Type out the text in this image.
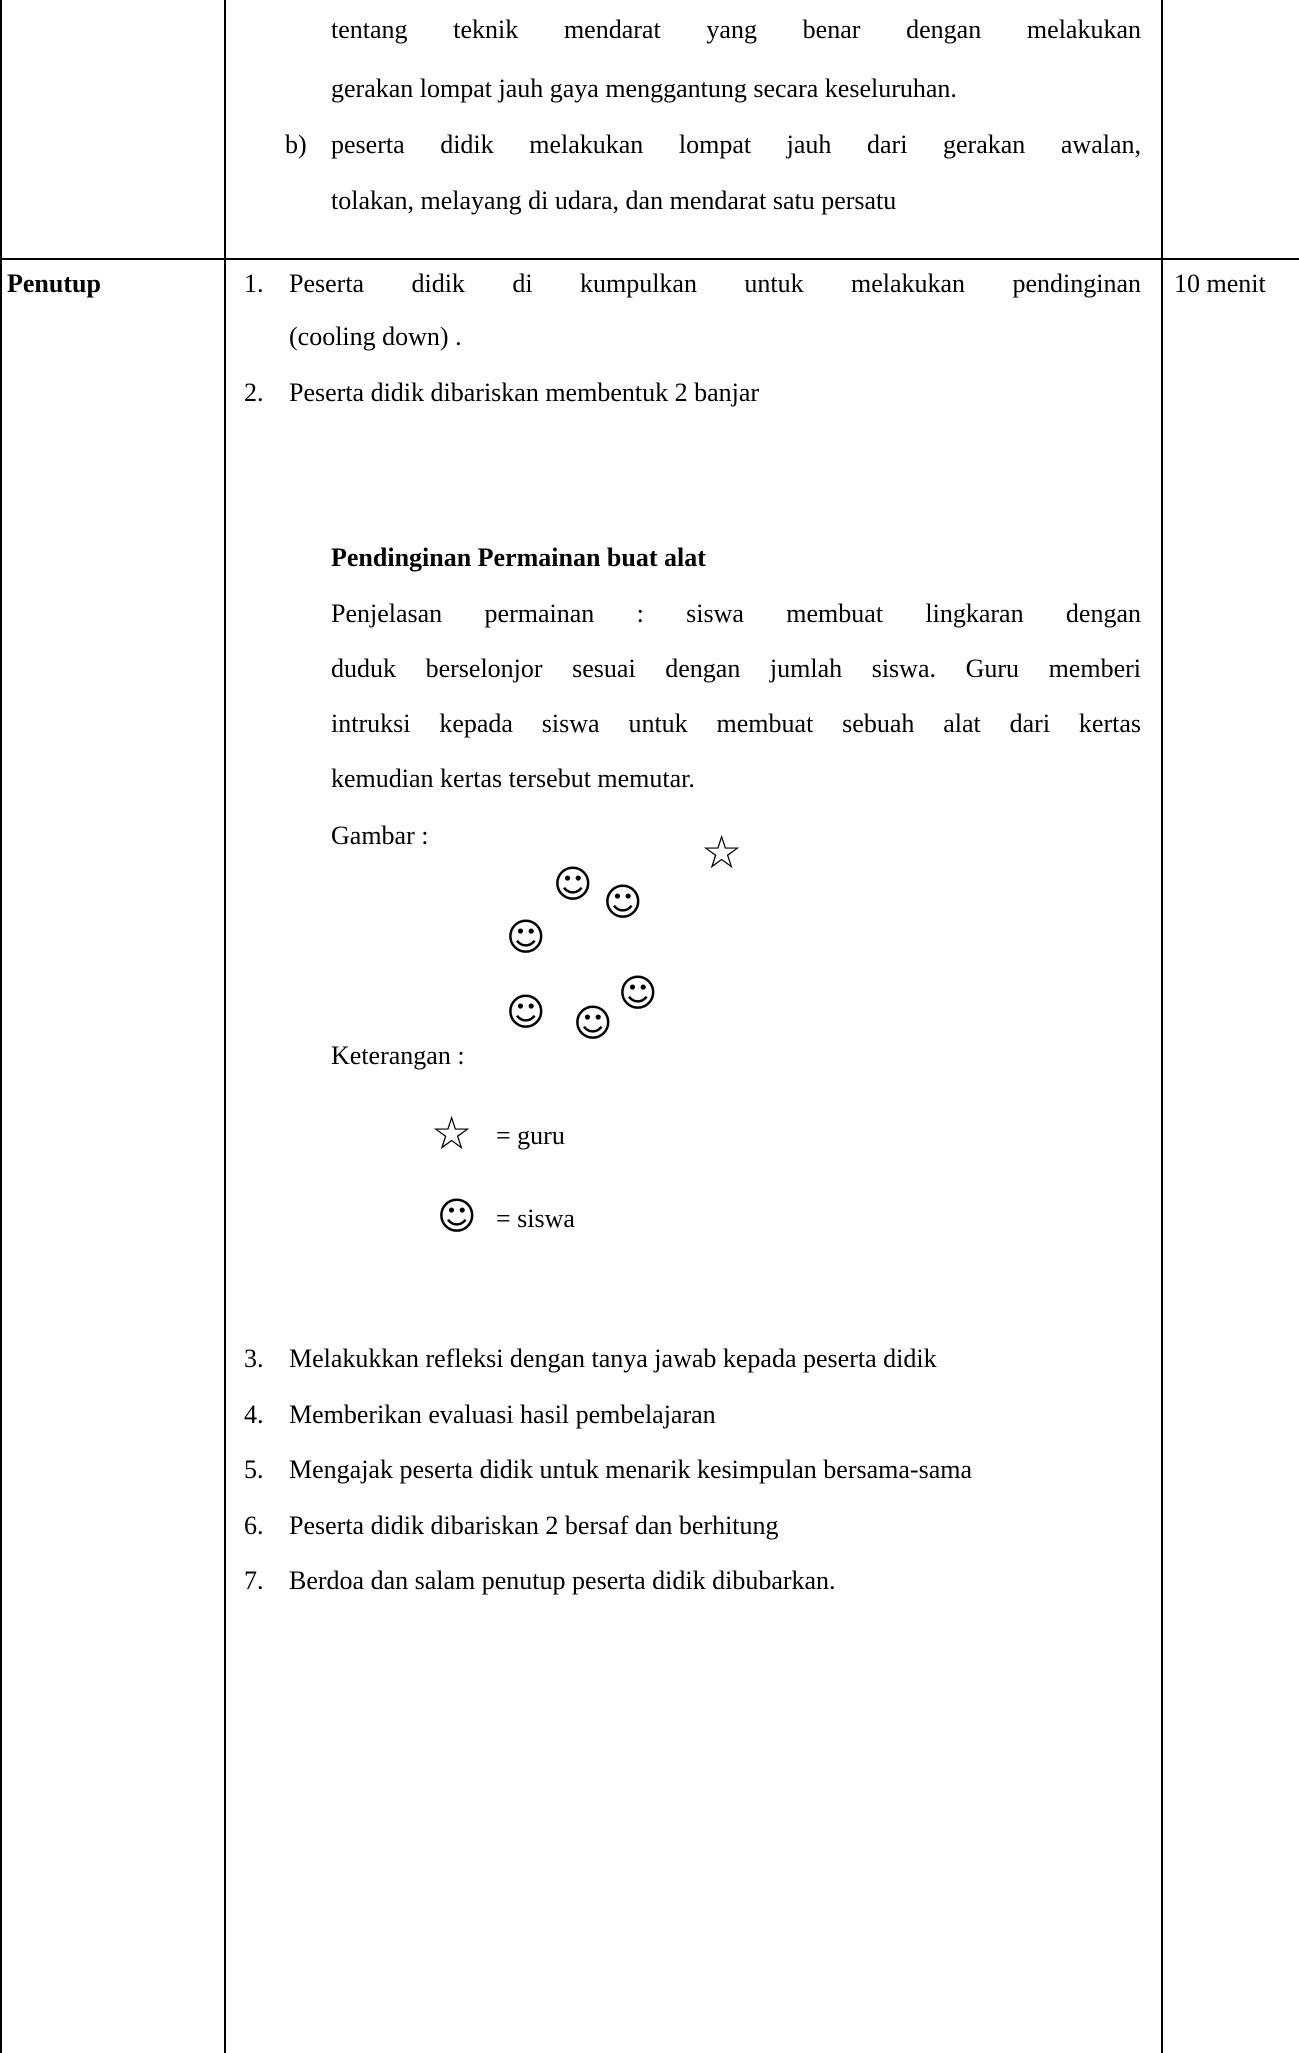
tentang teknik mendarat yang benar dengan melakukan
gerakan lompat jauh gaya menggantung secara keseluruhan.
b) peserta didik melakukan lompat jauh dari gerakan awalan,
tolakan, melayang di udara, dan mendarat satu persatu
Penutup	10 menit
1. Peserta didik di kumpulkan untuk melakukan pendinginan
(cooling down) .
2. Peserta didik dibariskan membentuk 2 banjar
Pendinginan Permainan buat alat
Penjelasan permainan : siswa membuat lingkaran dengan
duduk berselonjor sesuai dengan jumlah siswa. Guru memberi
intruksi kepada siswa untuk membuat sebuah alat dari kertas
kemudian kertas tersebut memutar.
Gambar :	☆
☺ ☺
☺
☺
☺ ☺
Keterangan :
☆ = guru
☺ = siswa
3. Melakukkan refleksi dengan tanya jawab kepada peserta didik
4. Memberikan evaluasi hasil pembelajaran
5. Mengajak peserta didik untuk menarik kesimpulan bersama-sama
6. Peserta didik dibariskan 2 bersaf dan berhitung
7. Berdoa dan salam penutup peserta didik dibubarkan.
